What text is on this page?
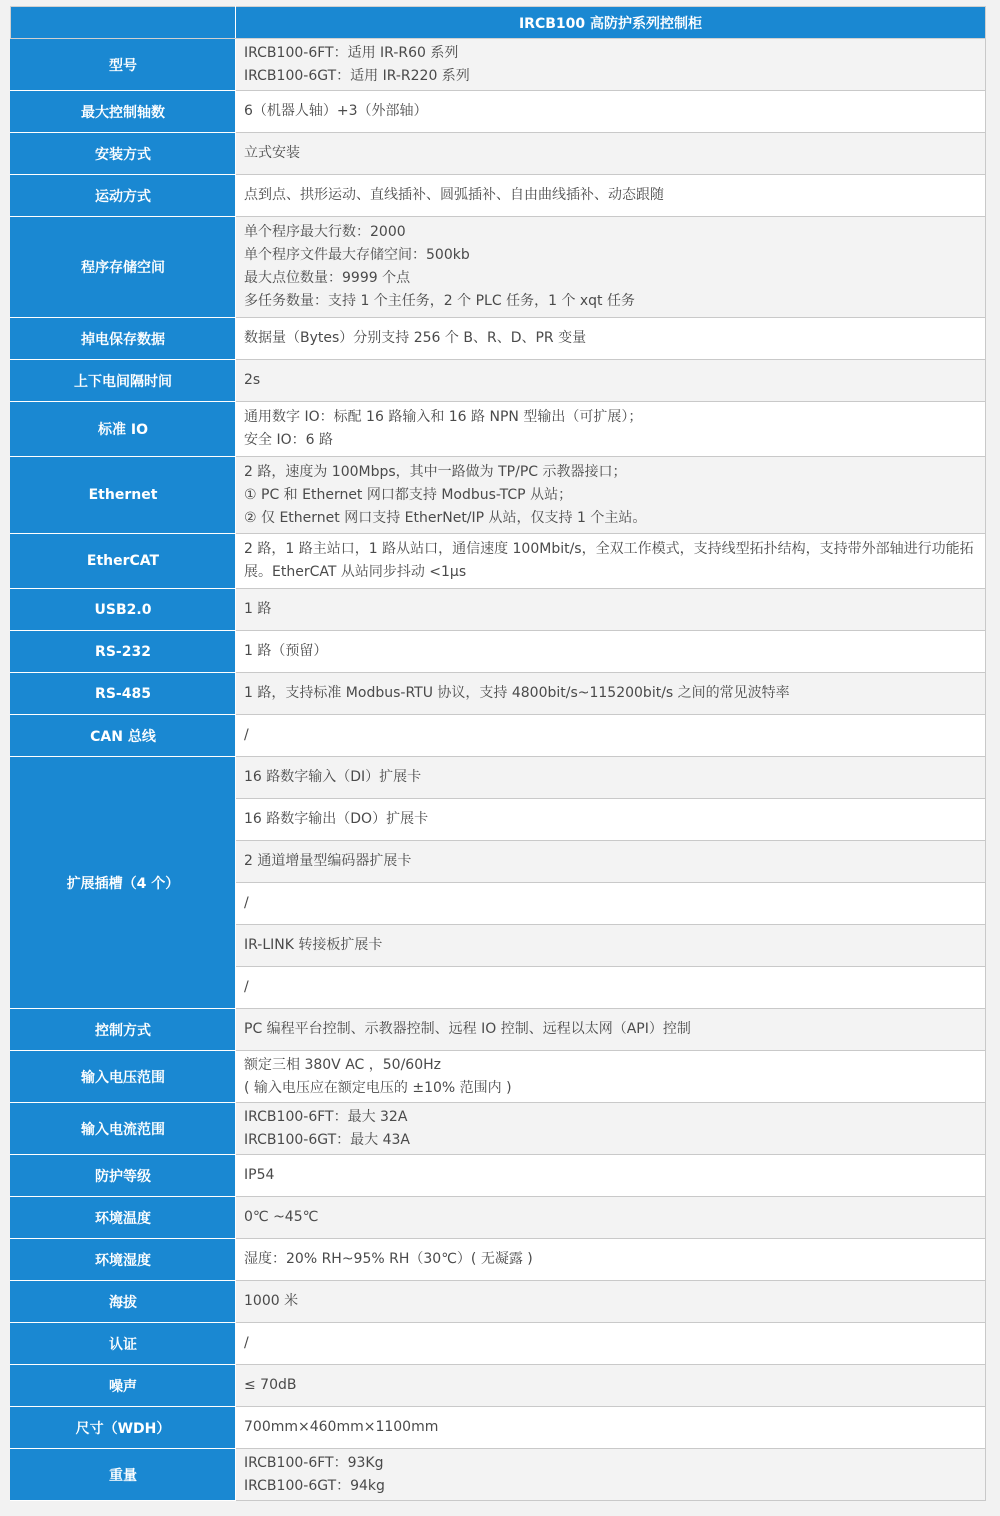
	IRCB100 高防护系列控制柜
型号	IRCB100-6FT：适用 IR-R60 系列
IRCB100-6GT：适用 IR-R220 系列

最大控制轴数	6（机器人轴）+3（外部轴）
安装方式	立式安装
运动方式	点到点、拱形运动、直线插补、圆弧插补、自由曲线插补、动态跟随
程序存储空间	单个程序最大行数：2000
单个程序文件最大存储空间：500kb
最大点位数量：9999 个点
多任务数量：支持 1 个主任务，2 个 PLC 任务，1 个 xqt 任务

掉电保存数据	数据量（Bytes）分别支持 256 个 B、R、D、PR 变量
上下电间隔时间	2s
标准 IO	通用数字 IO：标配 16 路输入和 16 路 NPN 型输出（可扩展）；
安全 IO：6 路

Ethernet	2 路，速度为 100Mbps，其中一路做为 TP/PC 示教器接口；
① PC 和 Ethernet 网口都支持 Modbus-TCP 从站；
② 仅 Ethernet 网口支持 EtherNet/IP 从站，仅支持 1 个主站。

EtherCAT	2 路，1 路主站口，1 路从站口，通信速度 100Mbit/s，全双工作模式，支持线型拓扑结构，支持带外部轴进行功能拓展。EtherCAT 从站同步抖动 <1μs

USB2.0	1 路
RS-232	1 路（预留）
RS-485	1 路，支持标准 Modbus-RTU 协议，支持 4800bit/s~115200bit/s 之间的常见波特率
CAN 总线	/
扩展插槽（4 个）	16 路数字输入（DI）扩展卡
	16 路数字输出（DO）扩展卡
	2 通道增量型编码器扩展卡
	/
	IR-LINK 转接板扩展卡
	/
控制方式	PC 编程平台控制、示教器控制、远程 IO 控制、远程以太网（API）控制
输入电压范围	额定三相 380V AC ，50/60Hz
( 输入电压应在额定电压的 ±10% 范围内 )

输入电流范围	IRCB100-6FT：最大 32A
IRCB100-6GT：最大 43A

防护等级	IP54
环境温度	0℃ ~45℃
环境湿度	湿度：20% RH~95% RH（30℃）( 无凝露 )
海拔	1000 米
认证	/
噪声	≤ 70dB
尺寸（WDH）	700mm×460mm×1100mm
重量	IRCB100-6FT：93Kg
IRCB100-6GT：94kg
